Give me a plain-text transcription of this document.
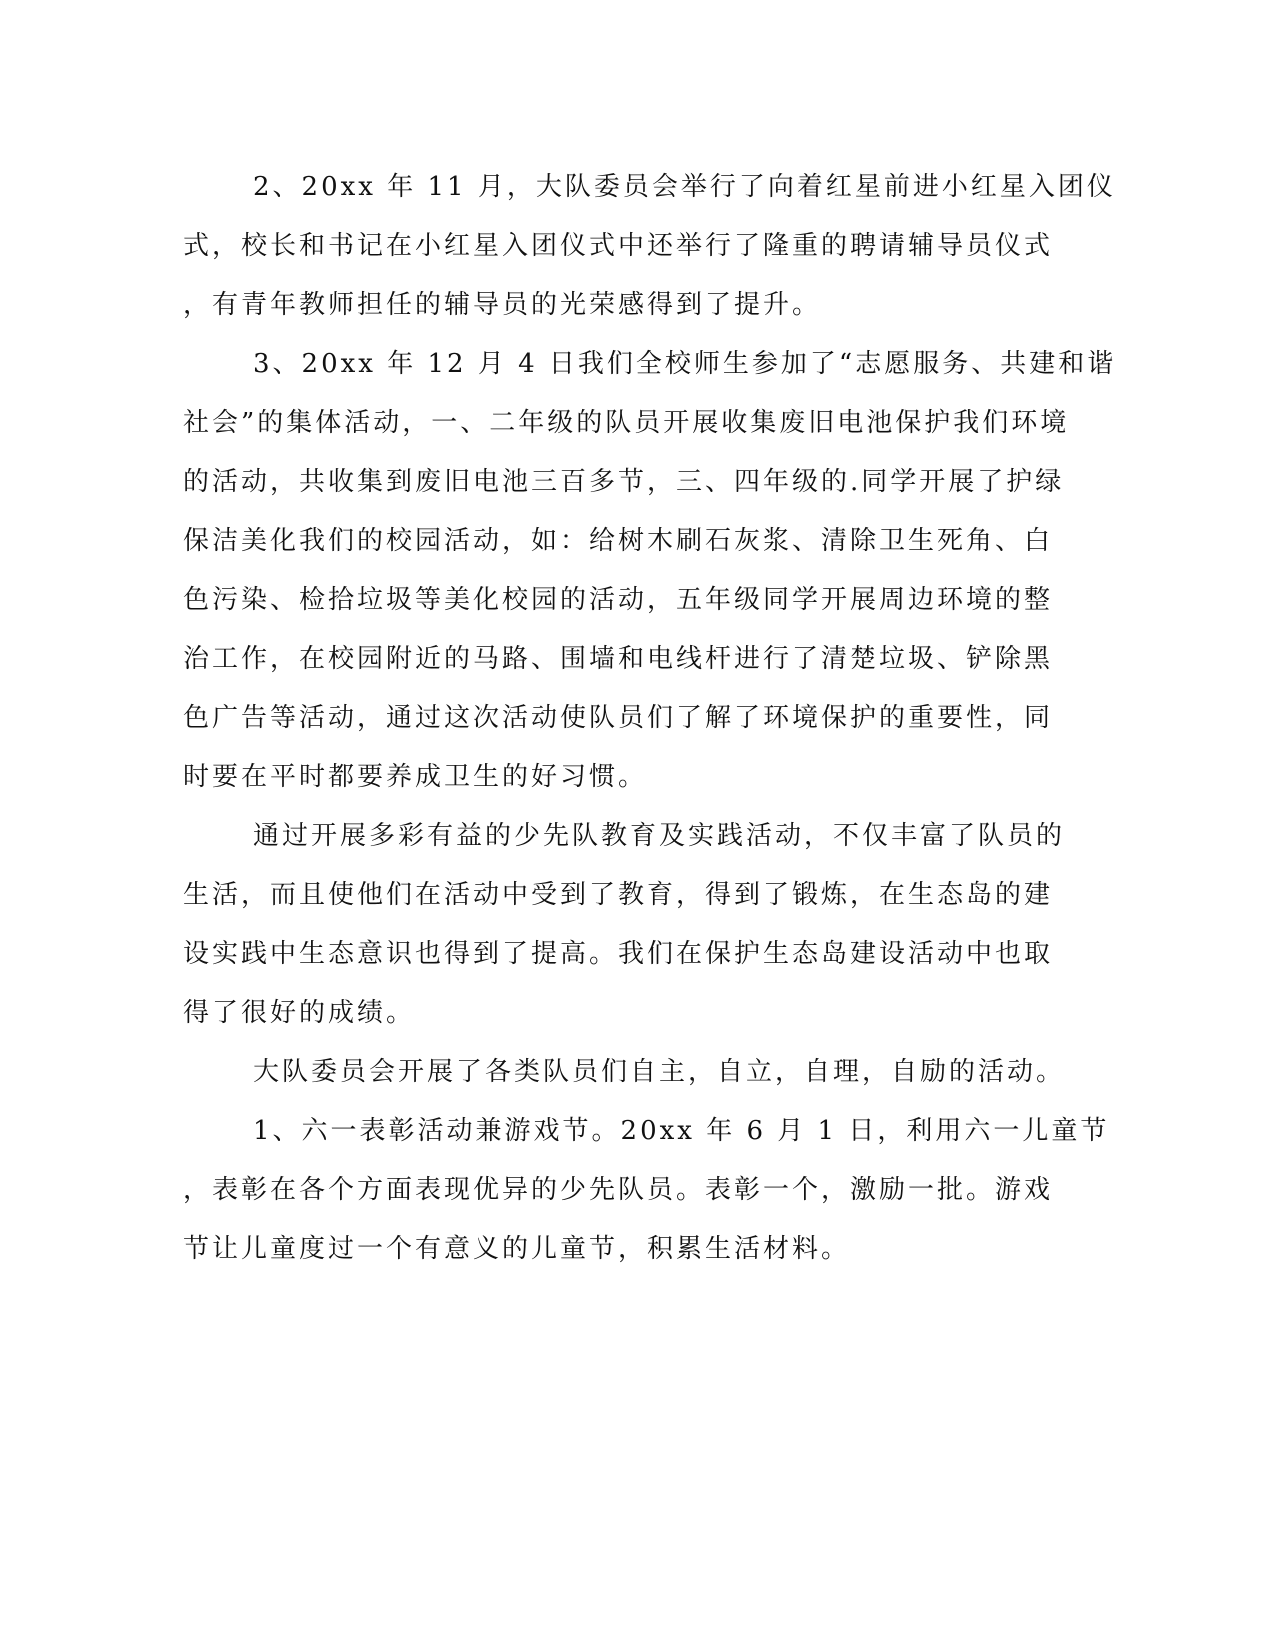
2、20xx 年 11 月，大队委员会举行了向着红星前进小红星入团仪
式，校长和书记在小红星入团仪式中还举行了隆重的聘请辅导员仪式
，有青年教师担任的辅导员的光荣感得到了提升。
3、20xx 年 12 月 4 日我们全校师生参加了“志愿服务、共建和谐
社会”的集体活动，一、二年级的队员开展收集废旧电池保护我们环境
的活动，共收集到废旧电池三百多节，三、四年级的.同学开展了护绿
保洁美化我们的校园活动，如：给树木刷石灰浆、清除卫生死角、白
色污染、检拾垃圾等美化校园的活动，五年级同学开展周边环境的整
治工作，在校园附近的马路、围墙和电线杆进行了清楚垃圾、铲除黑
色广告等活动，通过这次活动使队员们了解了环境保护的重要性，同
时要在平时都要养成卫生的好习惯。
通过开展多彩有益的少先队教育及实践活动，不仅丰富了队员的
生活，而且使他们在活动中受到了教育，得到了锻炼，在生态岛的建
设实践中生态意识也得到了提高。我们在保护生态岛建设活动中也取
得了很好的成绩。
大队委员会开展了各类队员们自主，自立，自理，自励的活动。
1、六一表彰活动兼游戏节。20xx 年 6 月 1 日，利用六一儿童节
，表彰在各个方面表现优异的少先队员。表彰一个，激励一批。游戏
节让儿童度过一个有意义的儿童节，积累生活材料。
